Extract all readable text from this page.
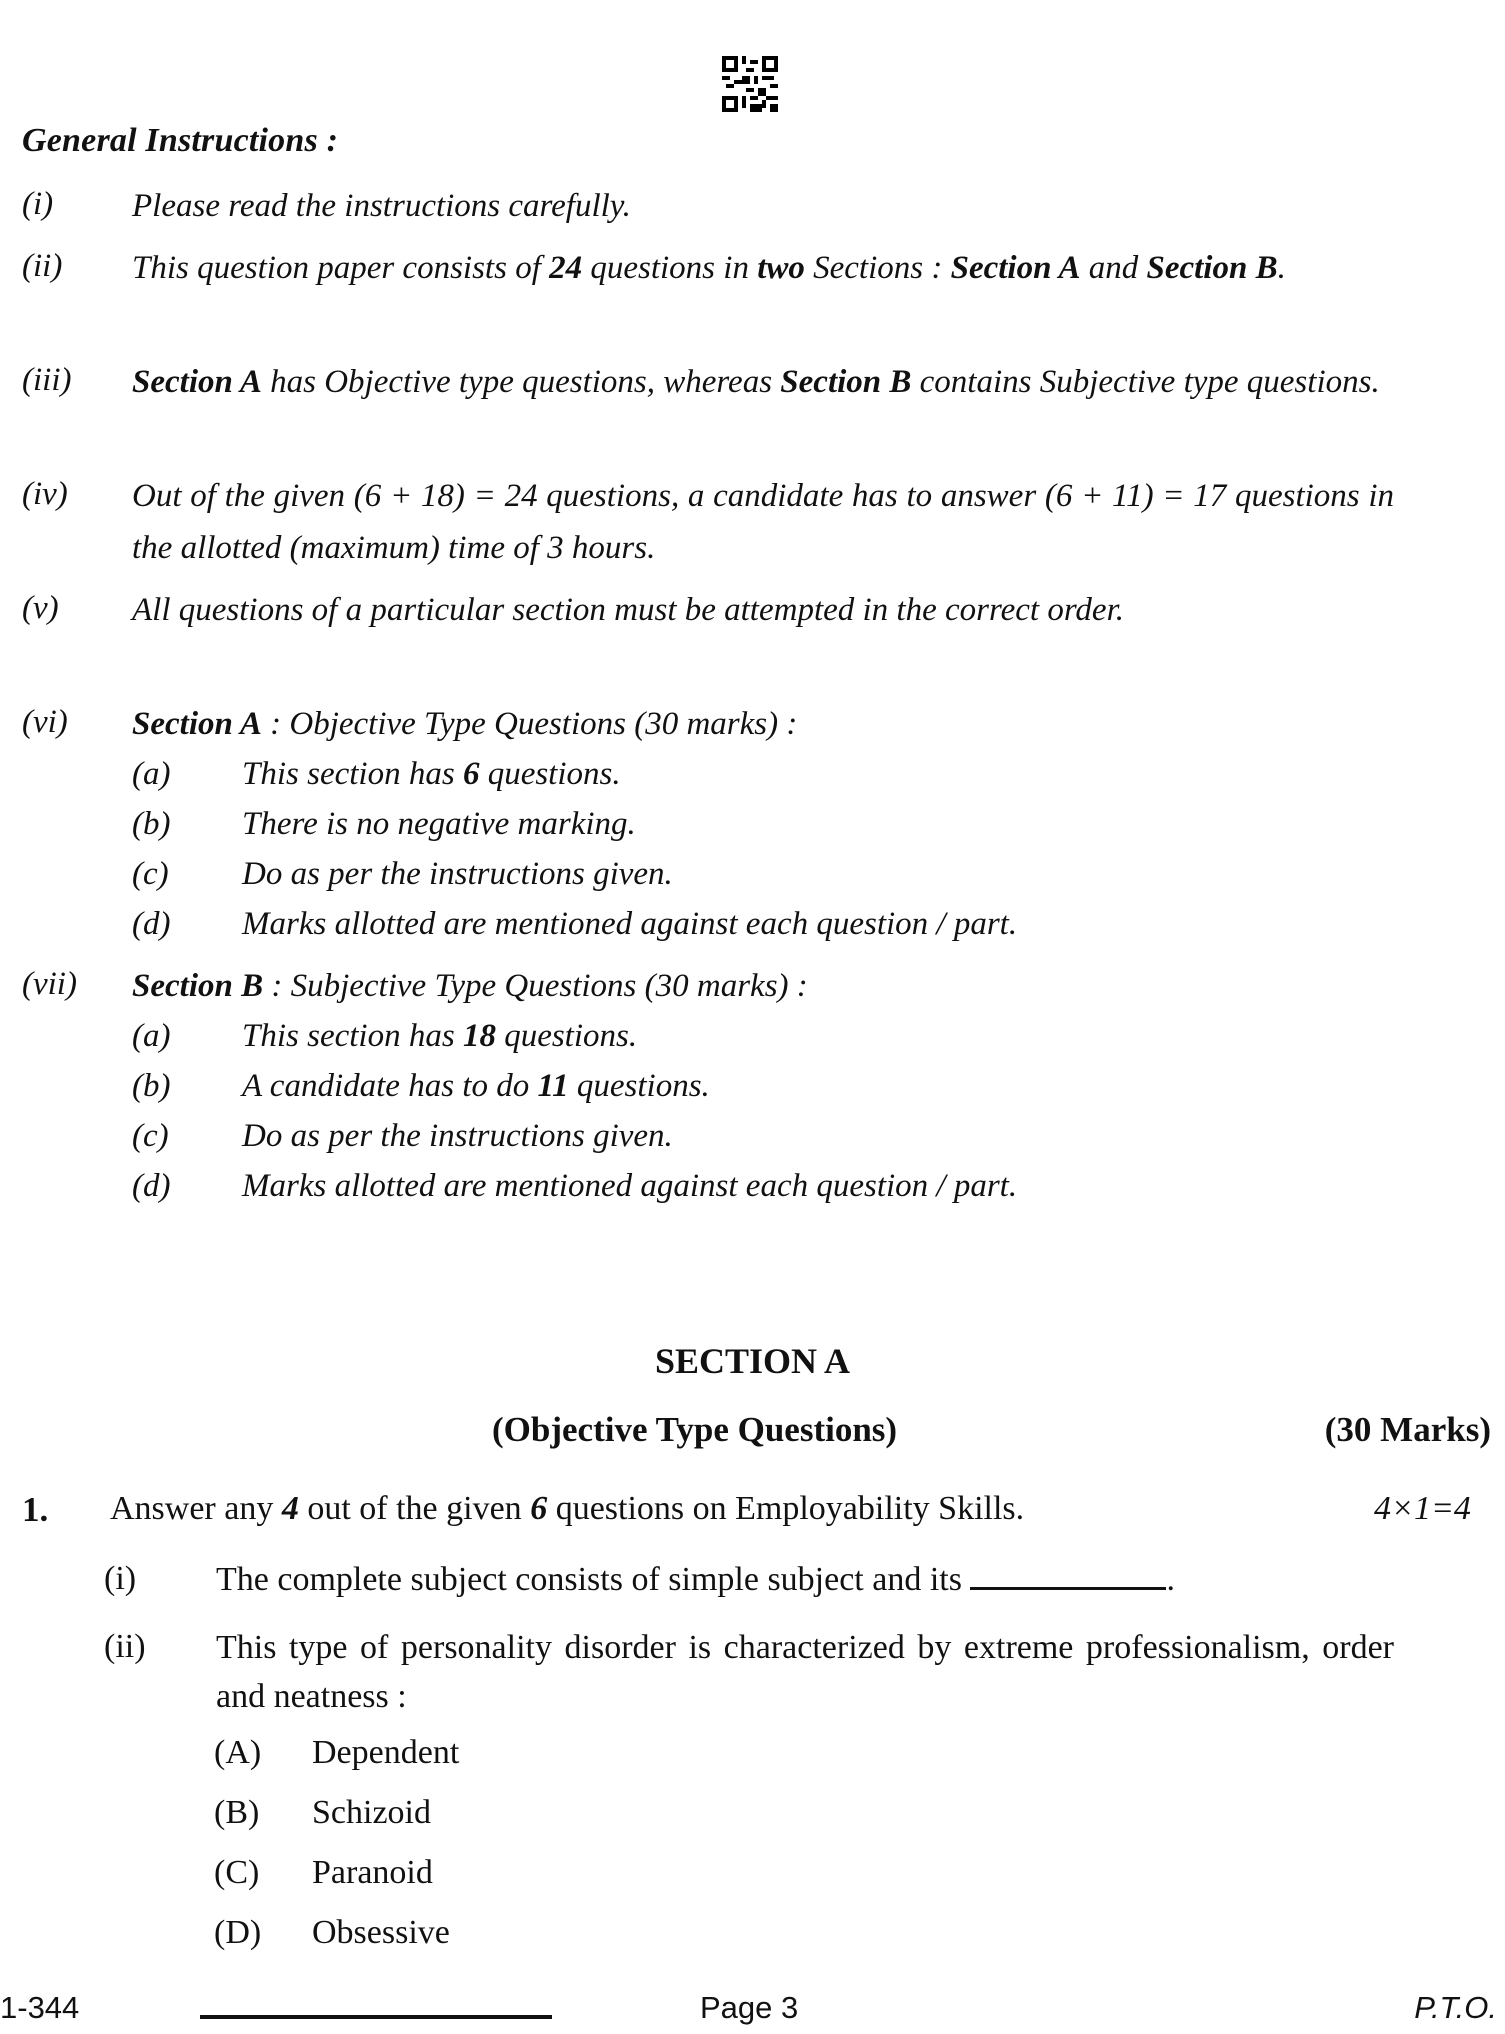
General Instructions :
(i) Please read the instructions carefully.
(ii) This question paper consists of 24 questions in two Sections : Section A and Section B.
(iii) Section A has Objective type questions, whereas Section B contains Subjective type questions.
(iv) Out of the given (6 + 18) = 24 questions, a candidate has to answer (6 + 11) = 17 questions in the allotted (maximum) time of 3 hours.
(v) All questions of a particular section must be attempted in the correct order.
(vi) Section A : Objective Type Questions (30 marks) :
(a) This section has 6 questions.
(b) There is no negative marking.
(c) Do as per the instructions given.
(d) Marks allotted are mentioned against each question / part.
(vii) Section B : Subjective Type Questions (30 marks) :
(a) This section has 18 questions.
(b) A candidate has to do 11 questions.
(c) Do as per the instructions given.
(d) Marks allotted are mentioned against each question / part.
SECTION A
(Objective Type Questions)	(30 Marks)
1. Answer any 4 out of the given 6 questions on Employability Skills.	4×1=4
(i) The complete subject consists of simple subject and its	.
(ii) This type of personality disorder is characterized by extreme professionalism, order and neatness :
(A) Dependent
(B) Schizoid
(C) Paranoid
(D) Obsessive
1-344	Page 3	P.T.O.
